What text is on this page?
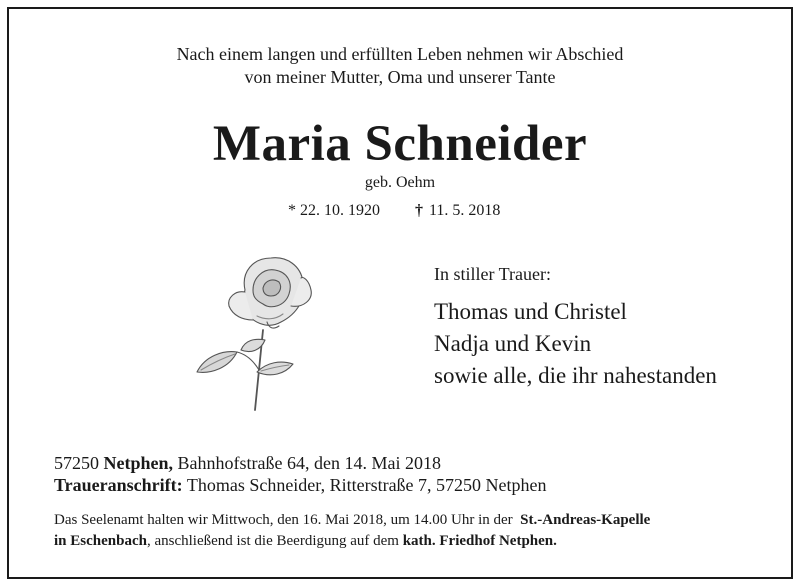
Nach einem langen und erfüllten Leben nehmen wir Abschied
von meiner Mutter, Oma und unserer Tante
Maria Schneider
geb. Oehm
* 22. 10. 1920 † 11. 5. 2018
In stiller Trauer:
Thomas und Christel
Nadja und Kevin
sowie alle, die ihr nahestanden
57250 Netphen, Bahnhofstraße 64, den 14. Mai 2018
Traueranschrift: Thomas Schneider, Ritterstraße 7, 57250 Netphen
Das Seelenamt halten wir Mittwoch, den 16. Mai 2018, um 14.00 Uhr in der St.-Andreas-Kapelle
in Eschenbach, anschließend ist die Beerdigung auf dem kath. Friedhof Netphen.
